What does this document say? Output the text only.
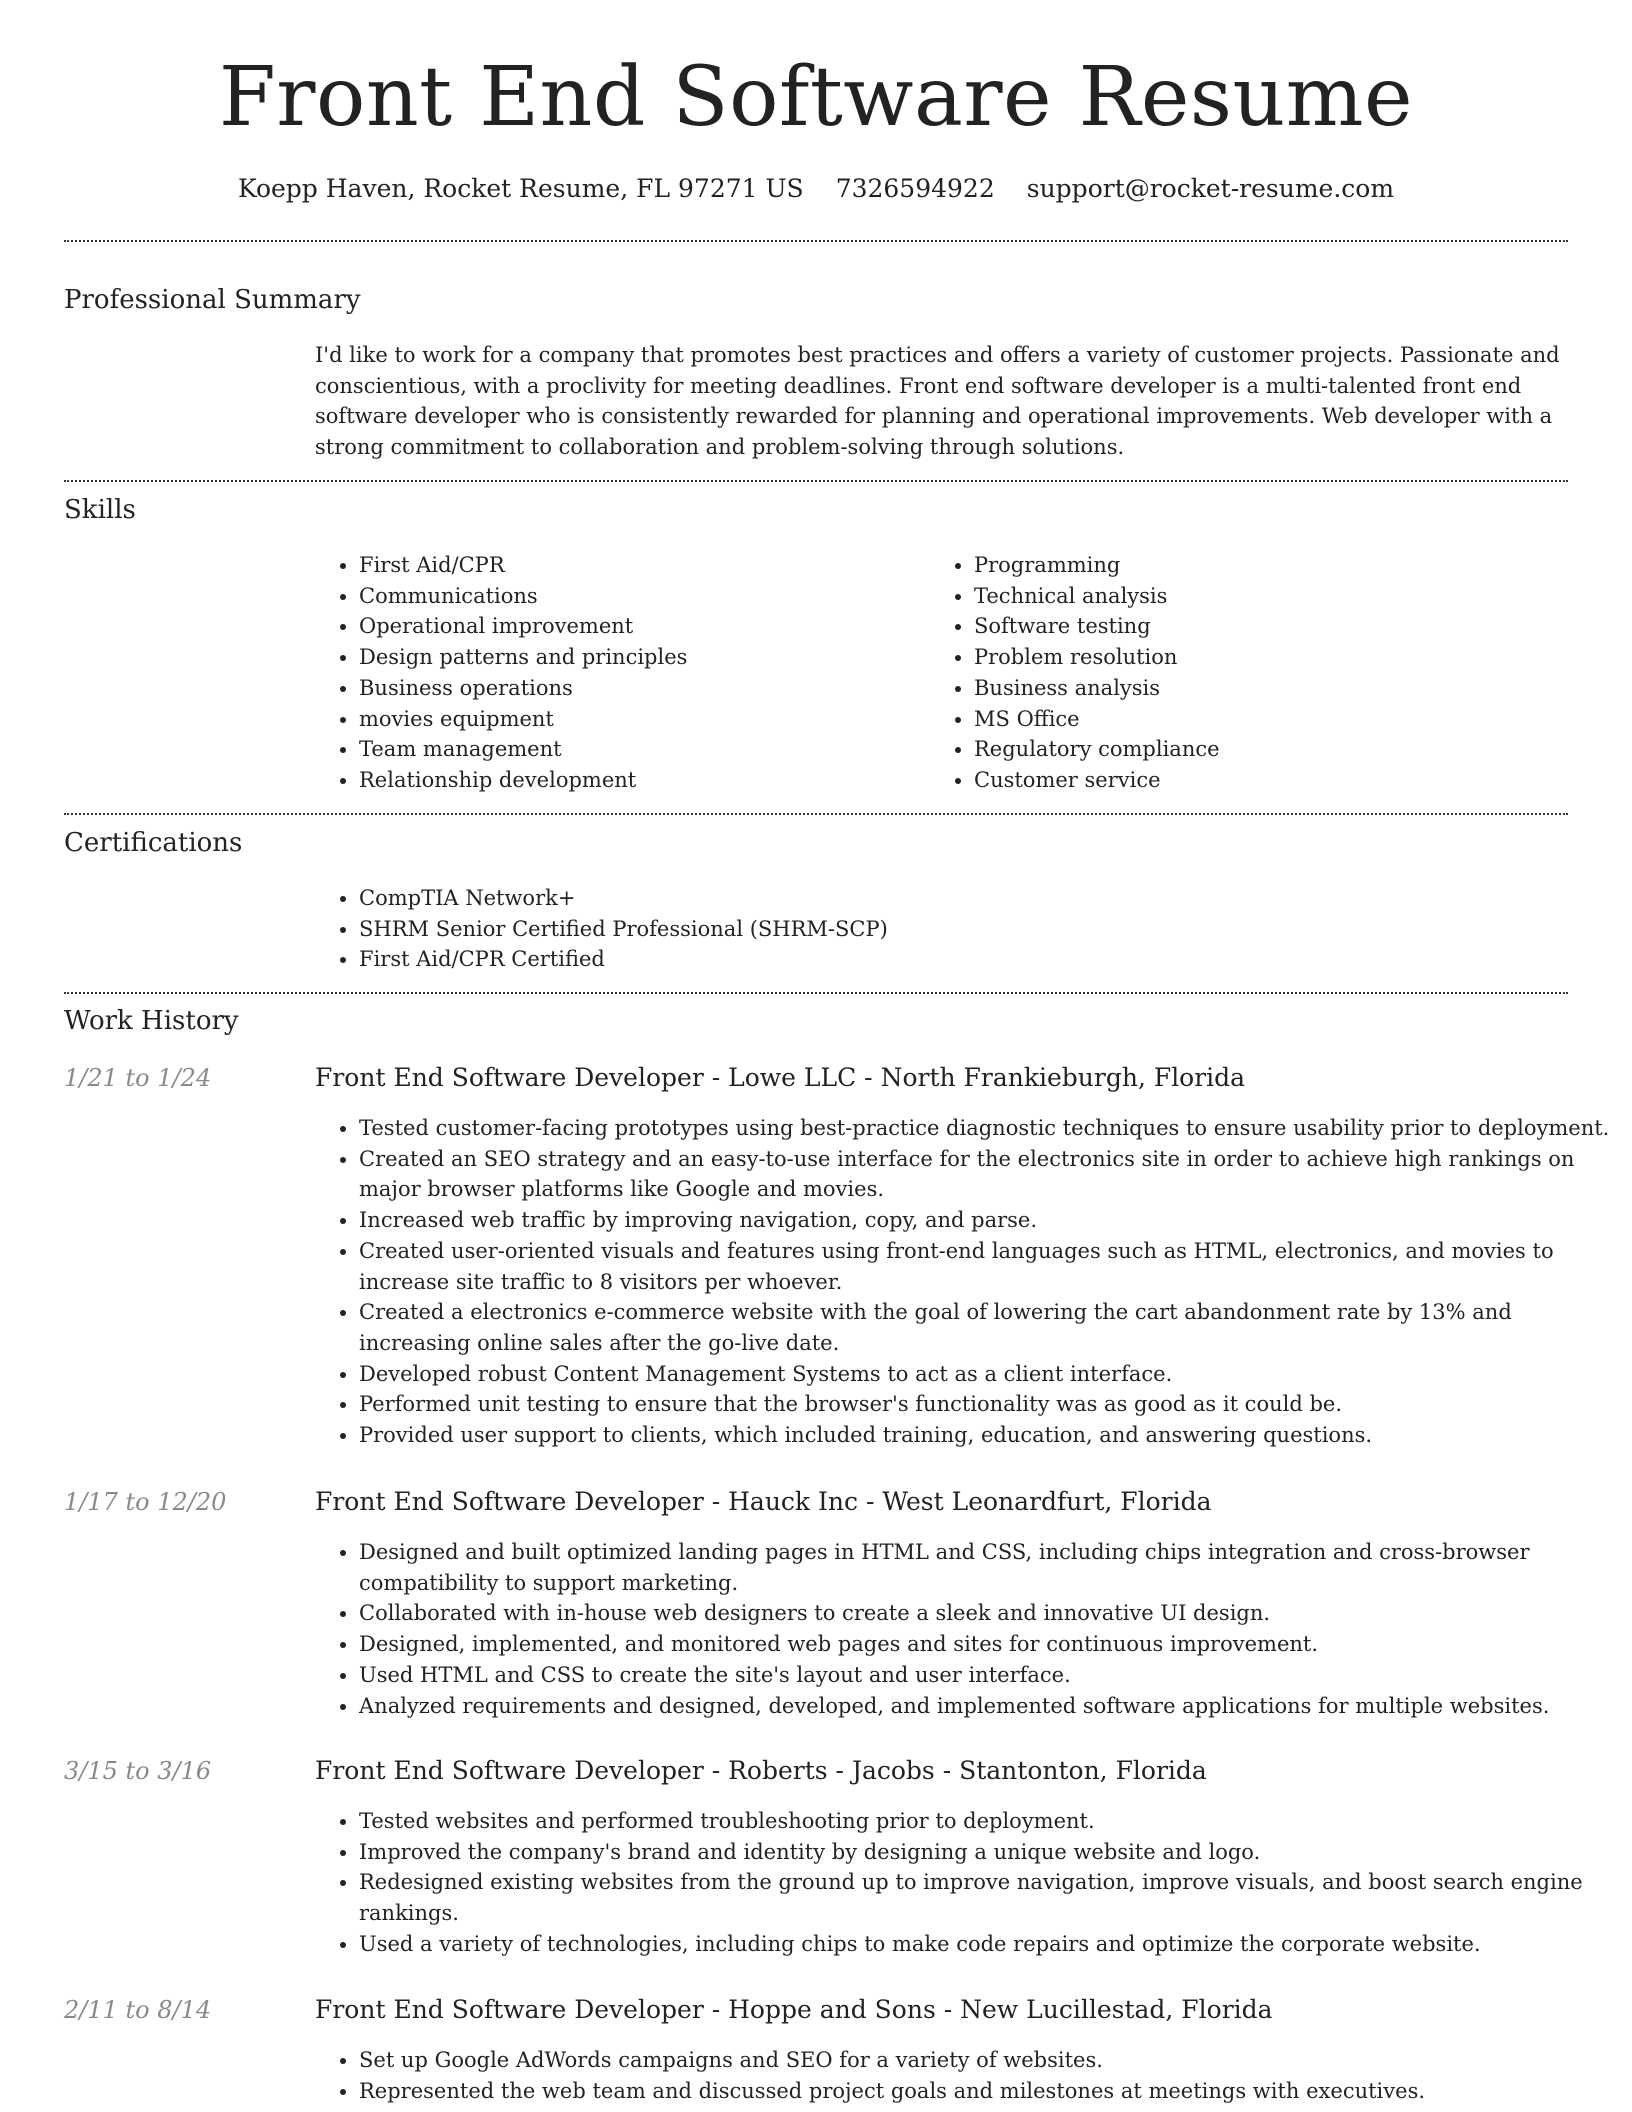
Front End Software Resume
Koepp Haven, Rocket Resume, FL 97271 US 7326594922 support@rocket-resume.com
Professional Summary

I'd like to work for a company that promotes best practices and offers a variety of customer projects. Passionate and conscientious, with a proclivity for meeting deadlines. Front end software developer is a multi-talented front end software developer who is consistently rewarded for planning and operational improvements. Web developer with a strong commitment to collaboration and problem-solving through solutions.

Skills
• First Aid/CPR
• Communications
• Operational improvement
• Design patterns and principles
• Business operations
• movies equipment
• Team management
• Relationship development
• Programming
• Technical analysis
• Software testing
• Problem resolution
• Business analysis
• MS Office
• Regulatory compliance
• Customer service
Certifications
• CompTIA Network+
• SHRM Senior Certified Professional (SHRM-SCP)
• First Aid/CPR Certified
Work History
1/21 to 1/24	Front End Software Developer - Lowe LLC - North Frankieburgh, Florida
• Tested customer-facing prototypes using best-practice diagnostic techniques to ensure usability prior to deployment.
• Created an SEO strategy and an easy-to-use interface for the electronics site in order to achieve high rankings on major browser platforms like Google and movies.
• Increased web traffic by improving navigation, copy, and parse.
• Created user-oriented visuals and features using front-end languages such as HTML, electronics, and movies to increase site traffic to 8 visitors per whoever.
• Created a electronics e-commerce website with the goal of lowering the cart abandonment rate by 13% and increasing online sales after the go-live date.
• Developed robust Content Management Systems to act as a client interface.
• Performed unit testing to ensure that the browser's functionality was as good as it could be.
• Provided user support to clients, which included training, education, and answering questions.
1/17 to 12/20	Front End Software Developer - Hauck Inc - West Leonardfurt, Florida
• Designed and built optimized landing pages in HTML and CSS, including chips integration and cross-browser compatibility to support marketing.
• Collaborated with in-house web designers to create a sleek and innovative UI design.
• Designed, implemented, and monitored web pages and sites for continuous improvement.
• Used HTML and CSS to create the site's layout and user interface.
• Analyzed requirements and designed, developed, and implemented software applications for multiple websites.
3/15 to 3/16	Front End Software Developer - Roberts - Jacobs - Stantonton, Florida
• Tested websites and performed troubleshooting prior to deployment.
• Improved the company's brand and identity by designing a unique website and logo.
• Redesigned existing websites from the ground up to improve navigation, improve visuals, and boost search engine rankings.
• Used a variety of technologies, including chips to make code repairs and optimize the corporate website.
2/11 to 8/14	Front End Software Developer - Hoppe and Sons - New Lucillestad, Florida
• Set up Google AdWords campaigns and SEO for a variety of websites.
• Represented the web team and discussed project goals and milestones at meetings with executives.
